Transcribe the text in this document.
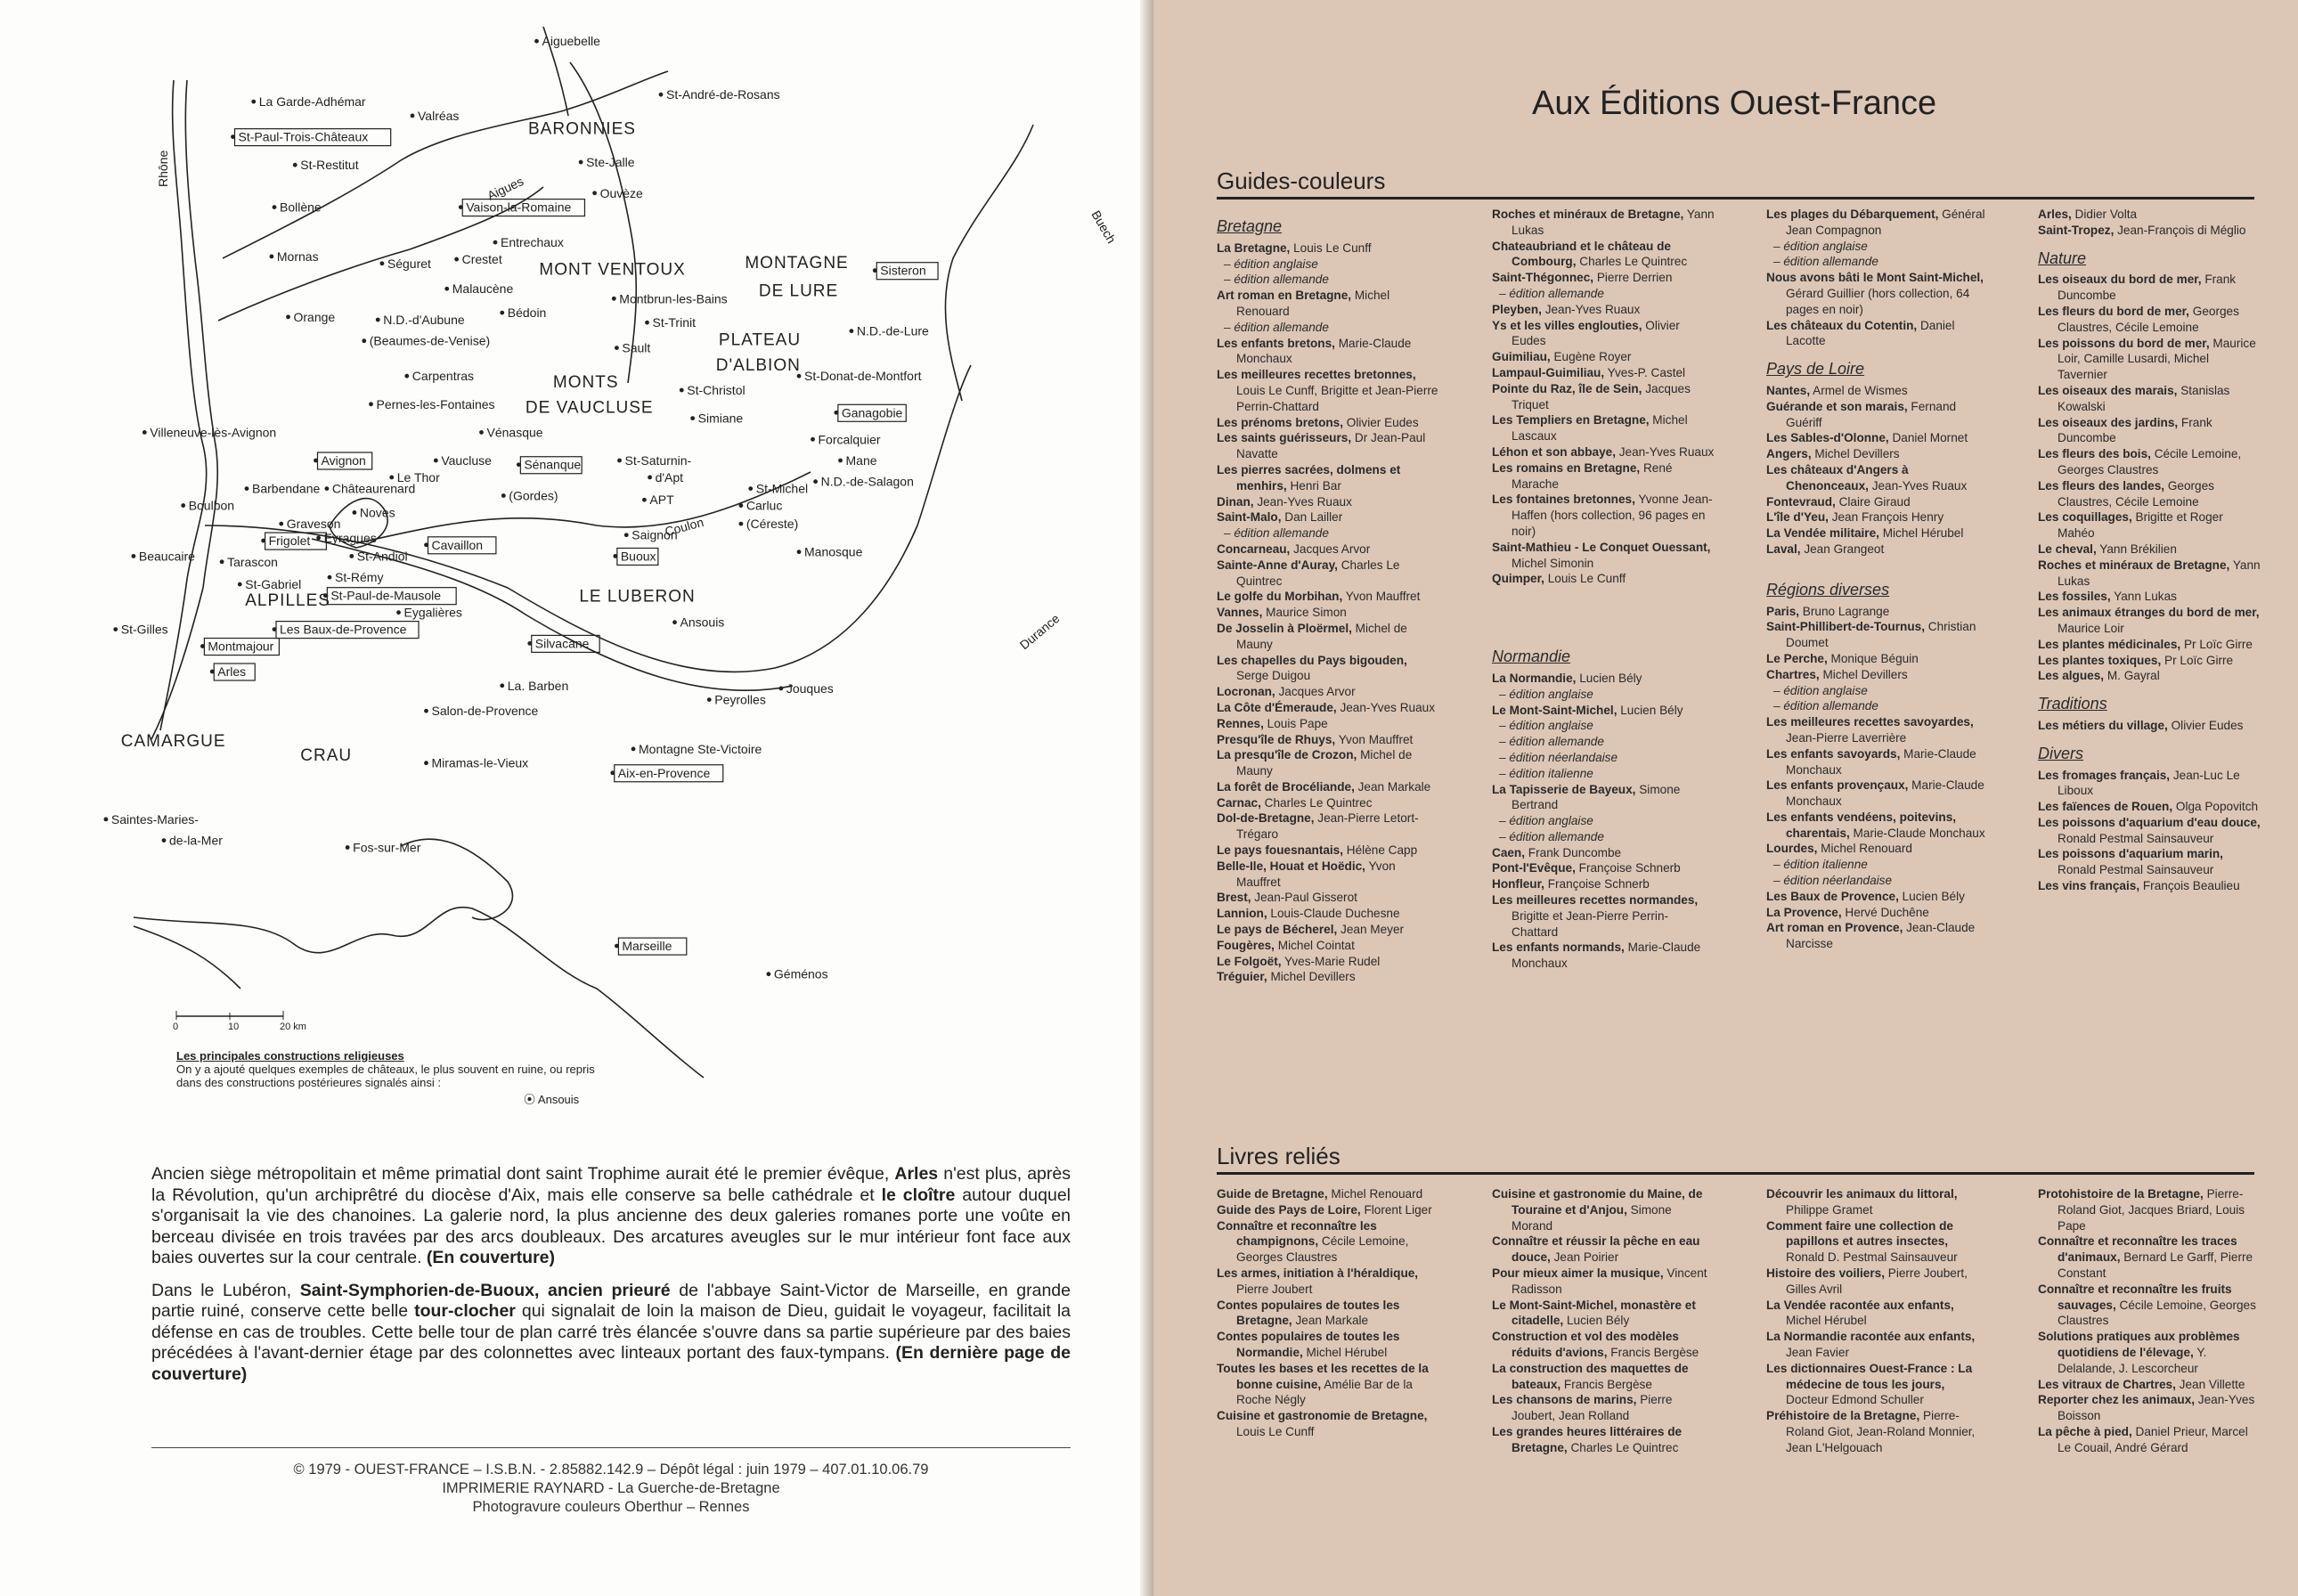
Aiguebelle
La Garde-Adhémar
Valréas
St-André-de-Rosans
St-Paul-Trois-Châteaux
St-Restitut
Bollène
Ste-Jalle
Ouvèze
Vaison-la-Romaine
Entrechaux
Mornas	Séguret Crestet
Malaucène
Sisteron
Orange	Bédoin
Montbrun-les-Bains
N.D.-d'Aubune
(Beaumes-de-Venise)
St-Trinit
N.D.-de-Lure
Sault
Carpentras	St-Donat-de-Montfort
St-Christol
Pernes-les-Fontaines
Simiane	Ganagobie
Villeneuve-lès-Avignon	Vénasque	Forcalquier
Avignon	Vaucluse	Sénanque	St-Saturnin-
d'Apt
Mane
Barbendane Châteaurenard
Le Thor
(Gordes)	St-Michel N.D.-de-Salagon
Boulbon	Noves
APT	Carluc
Graveson
Eyragues
(Céreste)
Frigolet	Cavaillon
Saignon
Beaucaire	Tarascon	St-Andiol	Buoux	Manosque
St-Gabriel	St-Rémy
St-Paul-de-Mausole
Eygalières
St-Gilles	Les Baux-de-Provence	Ansouis
Montmajour	Silvacane
Arles
La. Barben	Jouques
Salon-de-Provence
Peyrolles
Montagne Ste-Victoire
Miramas-le-Vieux
Aix-en-Provence
Saintes-Maries-
de-la-Mer	Fos-sur-Mer
Marseille
Géménos
BARONNIES
MONT VENTOUX	MONTAGNE
DE LURE
PLATEAU
D'ALBION
MONTS
DE VAUCLUSE
ALPILLES	LE LUBERON
CAMARGUE
CRAU
Rhône
Aigues
Buech
Coulon
Durance
0	10	20 km
Les principales constructions religieuses
On y a ajouté quelques exemples de châteaux, le plus souvent en ruine, ou repris dans des constructions postérieures signalés ainsi :
⦿ Ansouis

Ancien siège métropolitain et même primatial dont saint Trophime aurait été le premier évêque, Arles n'est plus, après la Révolution, qu'un archiprêtré du diocèse d'Aix, mais elle conserve sa belle cathédrale et le cloître autour duquel s'organisait la vie des chanoines. La galerie nord, la plus ancienne des deux galeries romanes porte une voûte en berceau divisée en trois travées par des arcs doubleaux. Des arcatures aveugles sur le mur intérieur font face aux baies ouvertes sur la cour centrale. (En couverture)

Dans le Lubéron, Saint-Symphorien-de-Buoux, ancien prieuré de l'abbaye Saint-Victor de Marseille, en grande partie ruiné, conserve cette belle tour-clocher qui signalait de loin la maison de Dieu, guidait le voyageur, facilitait la défense en cas de troubles. Cette belle tour de plan carré très élancée s'ouvre dans sa partie supérieure par des baies précédées à l'avant-dernier étage par des colonnettes avec linteaux portant des faux-tympans. (En dernière page de couverture)

© 1979 - OUEST-FRANCE – I.S.B.N. - 2.85882.142.9 – Dépôt légal : juin 1979 – 407.01.10.06.79
IMPRIMERIE RAYNARD - La Guerche-de-Bretagne
Photogravure couleurs Oberthur – Rennes
Aux Éditions Ouest-France
Guides-couleurs
Bretagne
La Bretagne, Louis Le Cunff
– édition anglaise
– édition allemande
Art roman en Bretagne, Michel Renouard
– édition allemande
Les enfants bretons, Marie-Claude Monchaux
Les meilleures recettes bretonnes, Louis Le Cunff, Brigitte et Jean-Pierre Perrin-Chattard
Les prénoms bretons, Olivier Eudes
Les saints guérisseurs, Dr Jean-Paul Navatte
Les pierres sacrées, dolmens et menhirs, Henri Bar
Dinan, Jean-Yves Ruaux
Saint-Malo, Dan Lailler
– édition allemande
Concarneau, Jacques Arvor
Sainte-Anne d'Auray, Charles Le Quintrec
Le golfe du Morbihan, Yvon Mauffret
Vannes, Maurice Simon
De Josselin à Ploërmel, Michel de Mauny
Les chapelles du Pays bigouden, Serge Duigou
Locronan, Jacques Arvor
La Côte d'Émeraude, Jean-Yves Ruaux
Rennes, Louis Pape
Presqu'île de Rhuys, Yvon Mauffret
La presqu'île de Crozon, Michel de Mauny
La forêt de Brocéliande, Jean Markale
Carnac, Charles Le Quintrec
Dol-de-Bretagne, Jean-Pierre Letort-Trégaro
Le pays fouesnantais, Hélène Capp
Belle-Ile, Houat et Hoëdic, Yvon Mauffret
Brest, Jean-Paul Gisserot
Lannion, Louis-Claude Duchesne
Le pays de Bécherel, Jean Meyer
Fougères, Michel Cointat
Le Folgoët, Yves-Marie Rudel
Tréguier, Michel Devillers
Roches et minéraux de Bretagne, Yann Lukas
Chateaubriand et le château de Combourg, Charles Le Quintrec
Saint-Thégonnec, Pierre Derrien
– édition allemande
Pleyben, Jean-Yves Ruaux
Ys et les villes englouties, Olivier Eudes
Guimiliau, Eugène Royer
Lampaul-Guimiliau, Yves-P. Castel
Pointe du Raz, île de Sein, Jacques Triquet
Les Templiers en Bretagne, Michel Lascaux
Léhon et son abbaye, Jean-Yves Ruaux
Les romains en Bretagne, René Marache
Les fontaines bretonnes, Yvonne Jean-Haffen (hors collection, 96 pages en noir)
Saint-Mathieu - Le Conquet Ouessant, Michel Simonin
Quimper, Louis Le Cunff
Normandie
La Normandie, Lucien Bély
– édition anglaise
Le Mont-Saint-Michel, Lucien Bély
– édition anglaise
– édition allemande
– édition néerlandaise
– édition italienne
La Tapisserie de Bayeux, Simone Bertrand
– édition anglaise
– édition allemande
Caen, Frank Duncombe
Pont-l'Evêque, Françoise Schnerb
Honfleur, Françoise Schnerb
Les meilleures recettes normandes, Brigitte et Jean-Pierre Perrin-Chattard
Les enfants normands, Marie-Claude Monchaux
Les plages du Débarquement, Général Jean Compagnon
– édition anglaise
– édition allemande
Nous avons bâti le Mont Saint-Michel, Gérard Guillier (hors collection, 64 pages en noir)
Les châteaux du Cotentin, Daniel Lacotte
Pays de Loire
Nantes, Armel de Wismes
Guérande et son marais, Fernand Guériff
Les Sables-d'Olonne, Daniel Mornet
Angers, Michel Devillers
Les châteaux d'Angers à Chenonceaux, Jean-Yves Ruaux
Fontevraud, Claire Giraud
L'île d'Yeu, Jean François Henry
La Vendée militaire, Michel Hérubel
Laval, Jean Grangeot
Régions diverses
Paris, Bruno Lagrange
Saint-Phillibert-de-Tournus, Christian Doumet
Le Perche, Monique Béguin
Chartres, Michel Devillers
– édition anglaise
– édition allemande
Les meilleures recettes savoyardes, Jean-Pierre Laverrière
Les enfants savoyards, Marie-Claude Monchaux
Les enfants provençaux, Marie-Claude Monchaux
Les enfants vendéens, poitevins, charentais, Marie-Claude Monchaux
Lourdes, Michel Renouard
– édition italienne
– édition néerlandaise
Les Baux de Provence, Lucien Bély
La Provence, Hervé Duchêne
Art roman en Provence, Jean-Claude Narcisse
Arles, Didier Volta
Saint-Tropez, Jean-François di Méglio
Nature
Les oiseaux du bord de mer, Frank Duncombe
Les fleurs du bord de mer, Georges Claustres, Cécile Lemoine
Les poissons du bord de mer, Maurice Loir, Camille Lusardi, Michel Tavernier
Les oiseaux des marais, Stanislas Kowalski
Les oiseaux des jardins, Frank Duncombe
Les fleurs des bois, Cécile Lemoine, Georges Claustres
Les fleurs des landes, Georges Claustres, Cécile Lemoine
Les coquillages, Brigitte et Roger Mahéo
Le cheval, Yann Brékilien
Roches et minéraux de Bretagne, Yann Lukas
Les fossiles, Yann Lukas
Les animaux étranges du bord de mer, Maurice Loir
Les plantes médicinales, Pr Loïc Girre
Les plantes toxiques, Pr Loïc Girre
Les algues, M. Gayral
Traditions
Les métiers du village, Olivier Eudes
Divers
Les fromages français, Jean-Luc Le Liboux
Les faïences de Rouen, Olga Popovitch
Les poissons d'aquarium d'eau douce, Ronald Pestmal Sainsauveur
Les poissons d'aquarium marin, Ronald Pestmal Sainsauveur
Les vins français, François Beaulieu
Livres reliés
Guide de Bretagne, Michel Renouard
Guide des Pays de Loire, Florent Liger
Connaître et reconnaître les champignons, Cécile Lemoine, Georges Claustres
Les armes, initiation à l'héraldique, Pierre Joubert
Contes populaires de toutes les Bretagne, Jean Markale
Contes populaires de toutes les Normandie, Michel Hérubel
Toutes les bases et les recettes de la bonne cuisine, Amélie Bar de la Roche Négly
Cuisine et gastronomie de Bretagne, Louis Le Cunff
Cuisine et gastronomie du Maine, de Touraine et d'Anjou, Simone Morand
Connaître et réussir la pêche en eau douce, Jean Poirier
Pour mieux aimer la musique, Vincent Radisson
Le Mont-Saint-Michel, monastère et citadelle, Lucien Bély
Construction et vol des modèles réduits d'avions, Francis Bergèse
La construction des maquettes de bateaux, Francis Bergèse
Les chansons de marins, Pierre Joubert, Jean Rolland
Les grandes heures littéraires de Bretagne, Charles Le Quintrec
Découvrir les animaux du littoral, Philippe Gramet
Comment faire une collection de papillons et autres insectes, Ronald D. Pestmal Sainsauveur
Histoire des voiliers, Pierre Joubert, Gilles Avril
La Vendée racontée aux enfants, Michel Hérubel
La Normandie racontée aux enfants, Jean Favier
Les dictionnaires Ouest-France : La médecine de tous les jours, Docteur Edmond Schuller
Préhistoire de la Bretagne, Pierre-Roland Giot, Jean-Roland Monnier, Jean L'Helgouach
Protohistoire de la Bretagne, Pierre-Roland Giot, Jacques Briard, Louis Pape
Connaître et reconnaître les traces d'animaux, Bernard Le Garff, Pierre Constant
Connaître et reconnaître les fruits sauvages, Cécile Lemoine, Georges Claustres
Solutions pratiques aux problèmes quotidiens de l'élevage, Y. Delalande, J. Lescorcheur
Les vitraux de Chartres, Jean Villette
Reporter chez les animaux, Jean-Yves Boisson
La pêche à pied, Daniel Prieur, Marcel Le Couail, André Gérard
